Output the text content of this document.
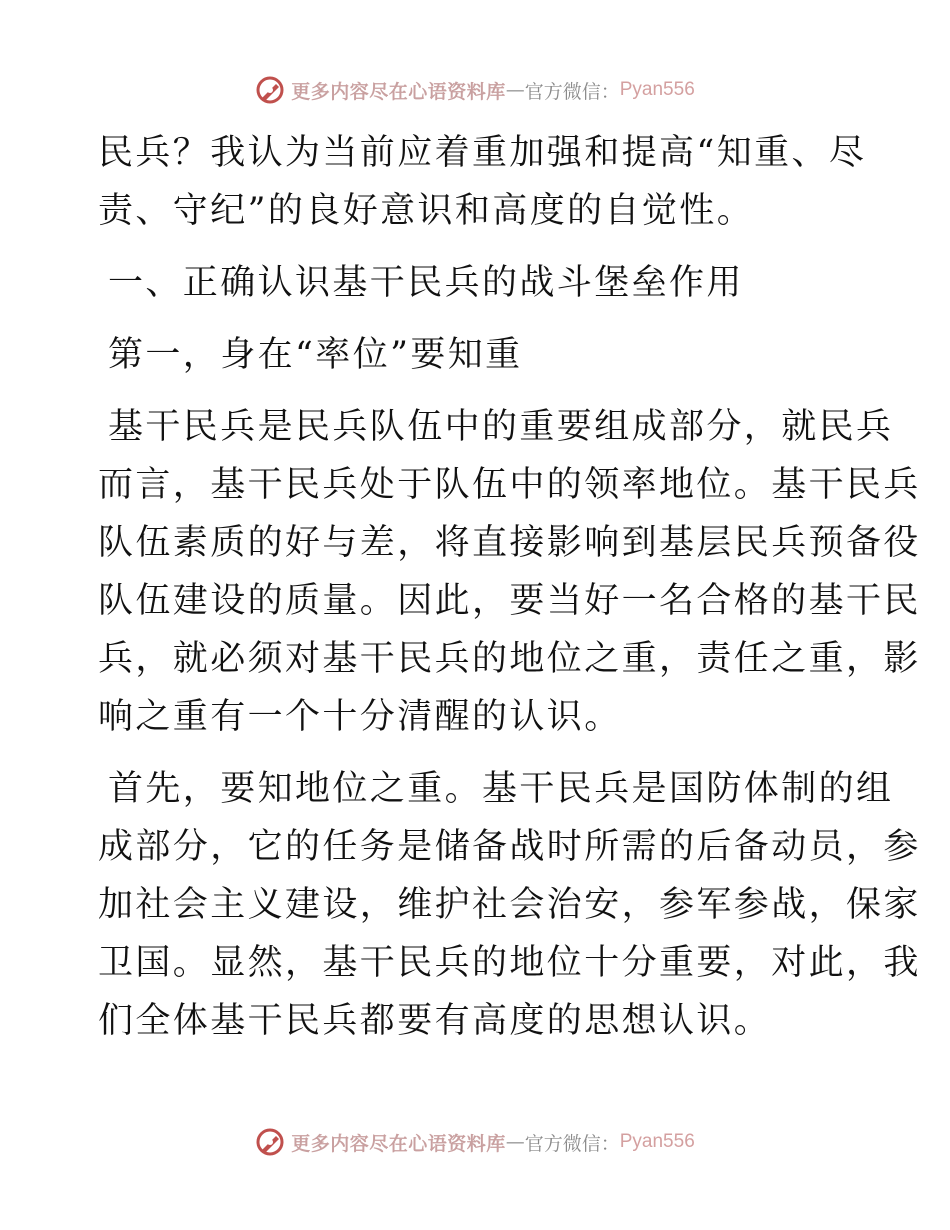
更多内容尽在心语资料库 — 官方微信： Pyan556
民兵？我认为当前应着重加强和提高“知重、尽
责、守纪”的良好意识和高度的自觉性。
一、正确认识基干民兵的战斗堡垒作用
第一，身在“率位”要知重
基干民兵是民兵队伍中的重要组成部分，就民兵
而言，基干民兵处于队伍中的领率地位。基干民兵
队伍素质的好与差，将直接影响到基层民兵预备役
队伍建设的质量。因此，要当好一名合格的基干民
兵，就必须对基干民兵的地位之重，责任之重，影
响之重有一个十分清醒的认识。
首先，要知地位之重。基干民兵是国防体制的组
成部分，它的任务是储备战时所需的后备动员，参
加社会主义建设，维护社会治安，参军参战，保家
卫国。显然，基干民兵的地位十分重要，对此，我
们全体基干民兵都要有高度的思想认识。
更多内容尽在心语资料库 — 官方微信： Pyan556
